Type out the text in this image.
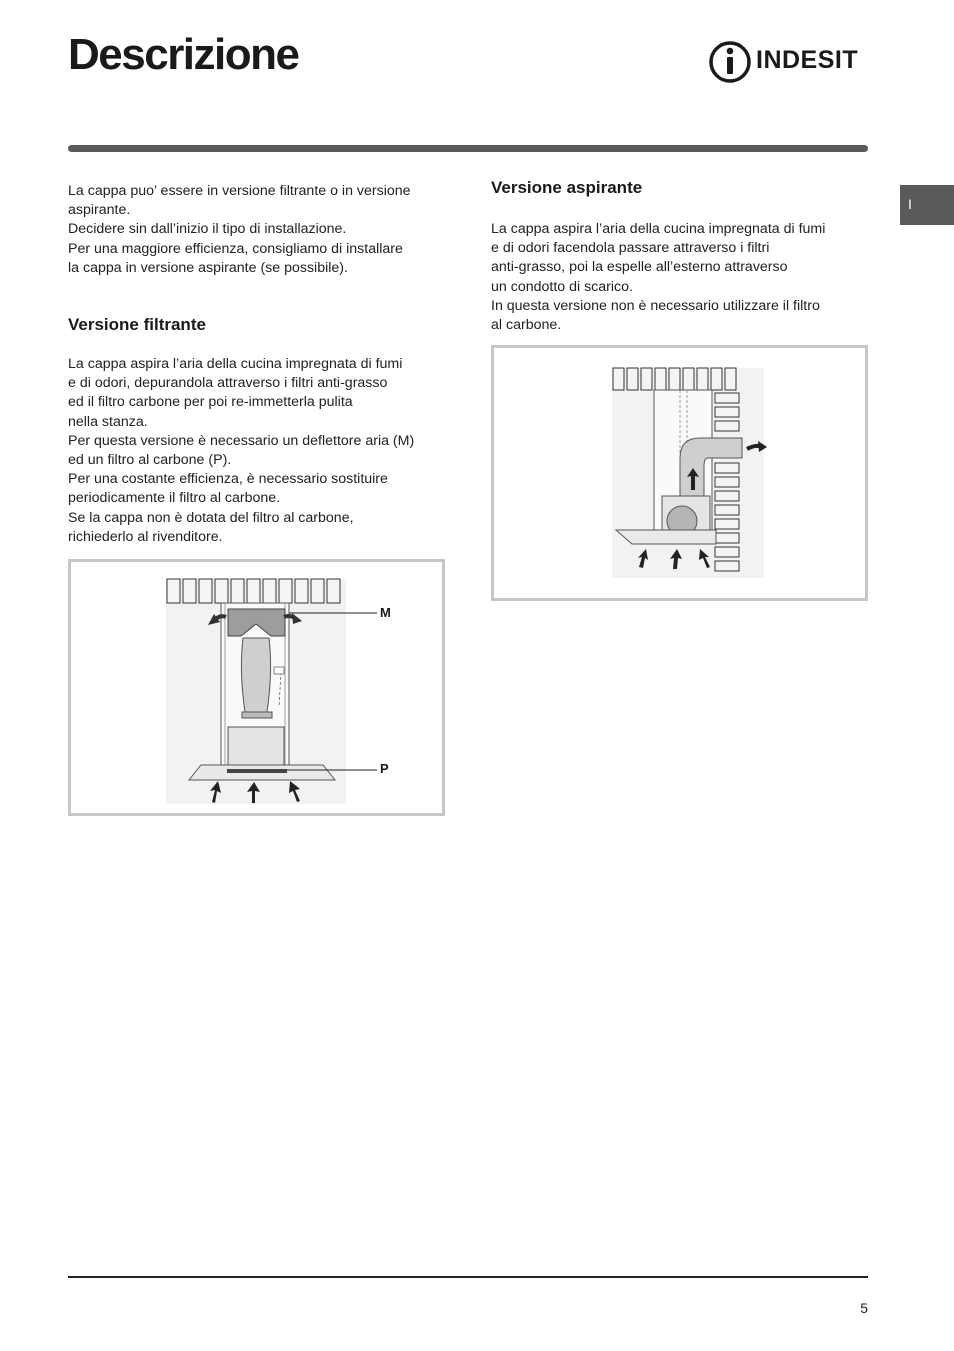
Descrizione	INDESIT
I

La cappa puo’ essere in versione filtrante o in versione
aspirante.
Decidere sin dall’inizio il tipo di installazione.
Per una maggiore efficienza, consigliamo di installare
la cappa in versione aspirante (se possibile).

Versione filtrante

La cappa aspira l’aria della cucina impregnata di fumi
e di odori, depurandola attraverso i filtri anti-grasso
ed il filtro carbone per poi re-immetterla pulita
nella stanza.
Per questa versione è necessario un deflettore aria (M)
ed un filtro al carbone (P).
Per una costante efficienza, è necessario sostituire
periodicamente il filtro al carbone.
Se la cappa non è dotata del filtro al carbone,
richiederlo al rivenditore.

Versione aspirante

La cappa aspira l’aria della cucina impregnata di fumi
e di odori facendola passare attraverso i filtri
anti-grasso, poi la espelle all’esterno attraverso
un condotto di scarico.
In questa versione non è necessario utilizzare il filtro
al carbone.

M
P
5
